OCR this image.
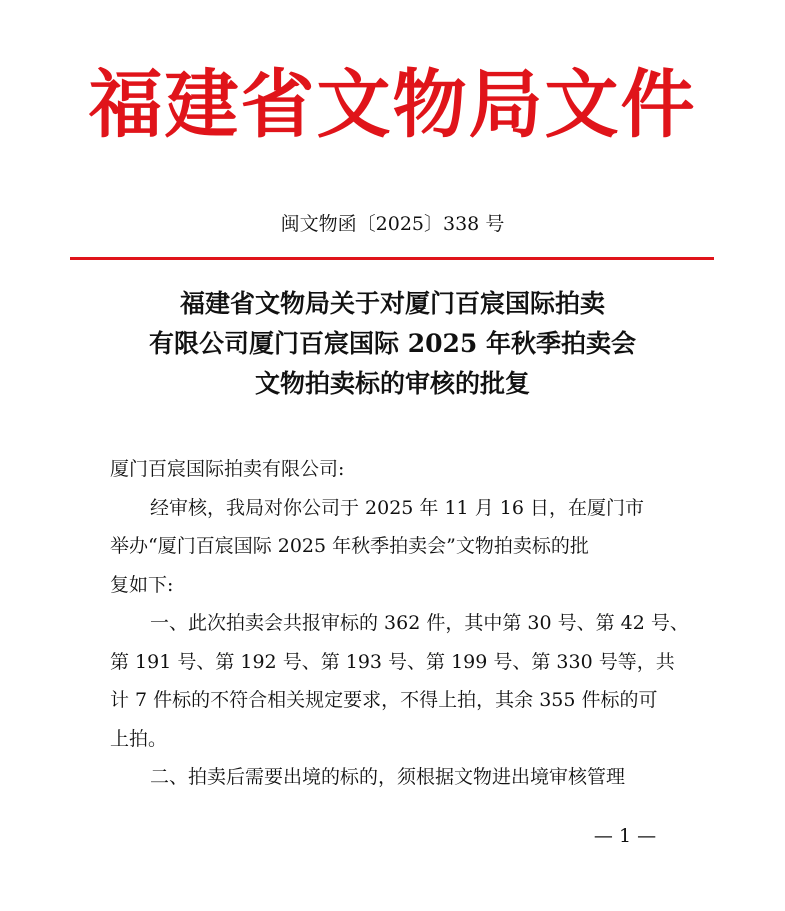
福建省文物局文件
闽文物函〔2025〕338 号
福建省文物局关于对厦门百宸国际拍卖
有限公司厦门百宸国际 2025 年秋季拍卖会
文物拍卖标的审核的批复

厦门百宸国际拍卖有限公司:

经审核，我局对你公司于 2025 年 11 月 16 日，在厦门市

举办“厦门百宸国际 2025 年秋季拍卖会”文物拍卖标的批

复如下:

一、此次拍卖会共报审标的 362 件，其中第 30 号、第 42 号、

第 191 号、第 192 号、第 193 号、第 199 号、第 330 号等，共

计 7 件标的不符合相关规定要求，不得上拍，其余 355 件标的可

上拍。

二、拍卖后需要出境的标的，须根据文物进出境审核管理

— 1 —
